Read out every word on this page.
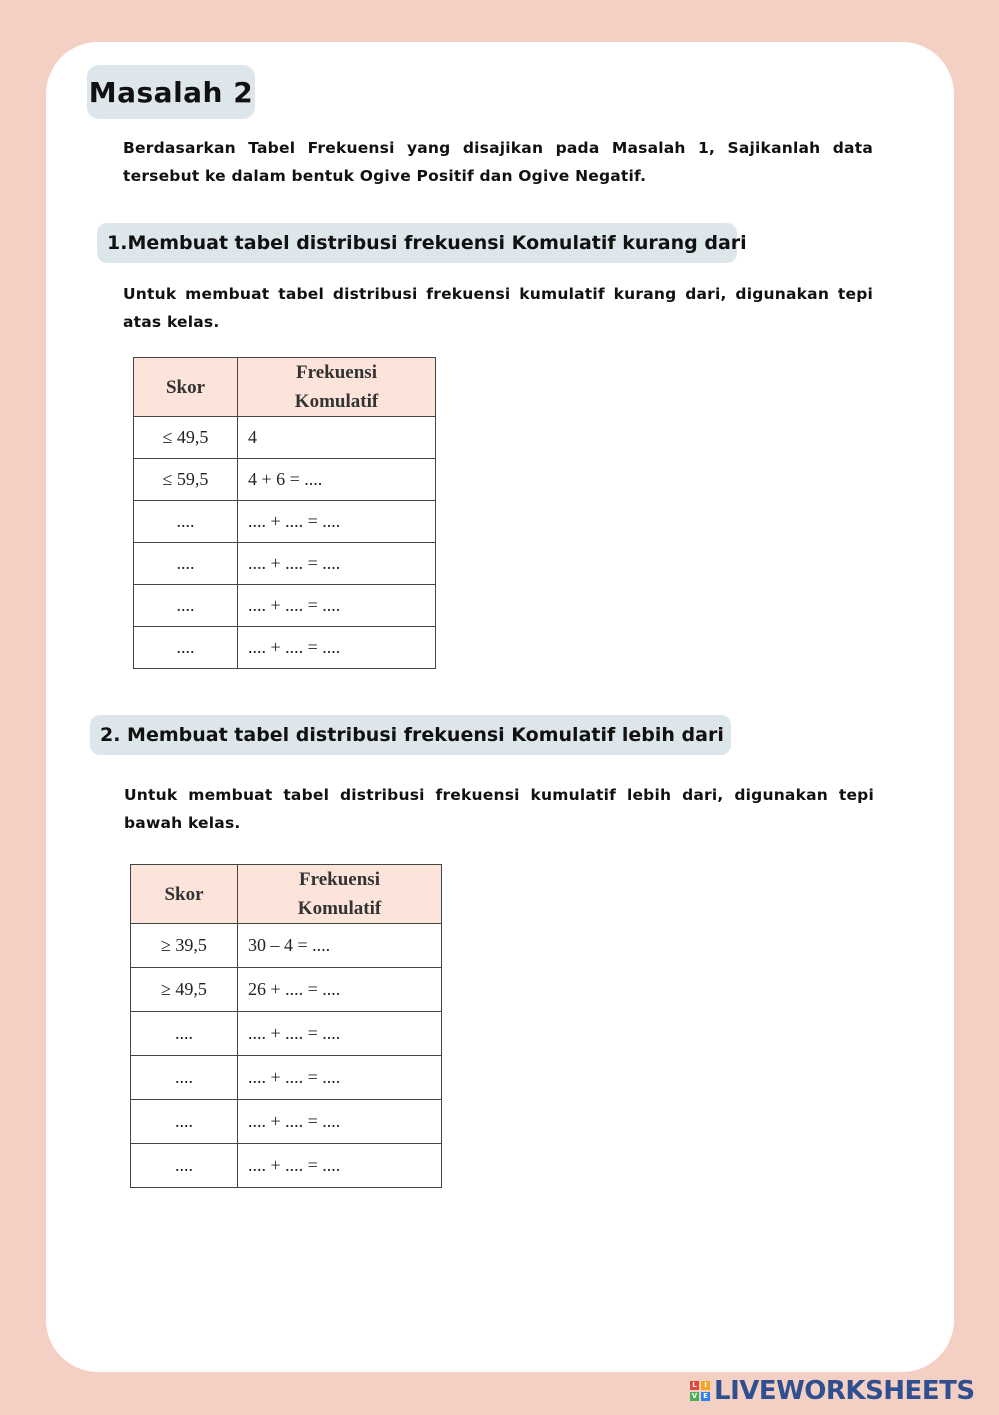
Masalah 2
Berdasarkan Tabel Frekuensi yang disajikan pada Masalah 1, Sajikanlah data tersebut ke dalam bentuk Ogive Positif dan Ogive Negatif.
1.Membuat tabel distribusi frekuensi Komulatif kurang dari
Untuk membuat tabel distribusi frekuensi kumulatif kurang dari, digunakan tepi atas kelas.
Skor	Frekuensi
Komulatif
≤ 49,5	4
≤ 59,5	4 + 6 = ....
....	.... + .... = ....
....	.... + .... = ....
....	.... + .... = ....
....	.... + .... = ....
2. Membuat tabel distribusi frekuensi Komulatif lebih dari
Untuk membuat tabel distribusi frekuensi kumulatif lebih dari, digunakan tepi bawah kelas.
Skor	Frekuensi
Komulatif
≥ 39,5	30 – 4 = ....
≥ 49,5	26 + .... = ....
....	.... + .... = ....
....	.... + .... = ....
....	.... + .... = ....
....	.... + .... = ....
L	I
V E LIVEWORKSHEETS
